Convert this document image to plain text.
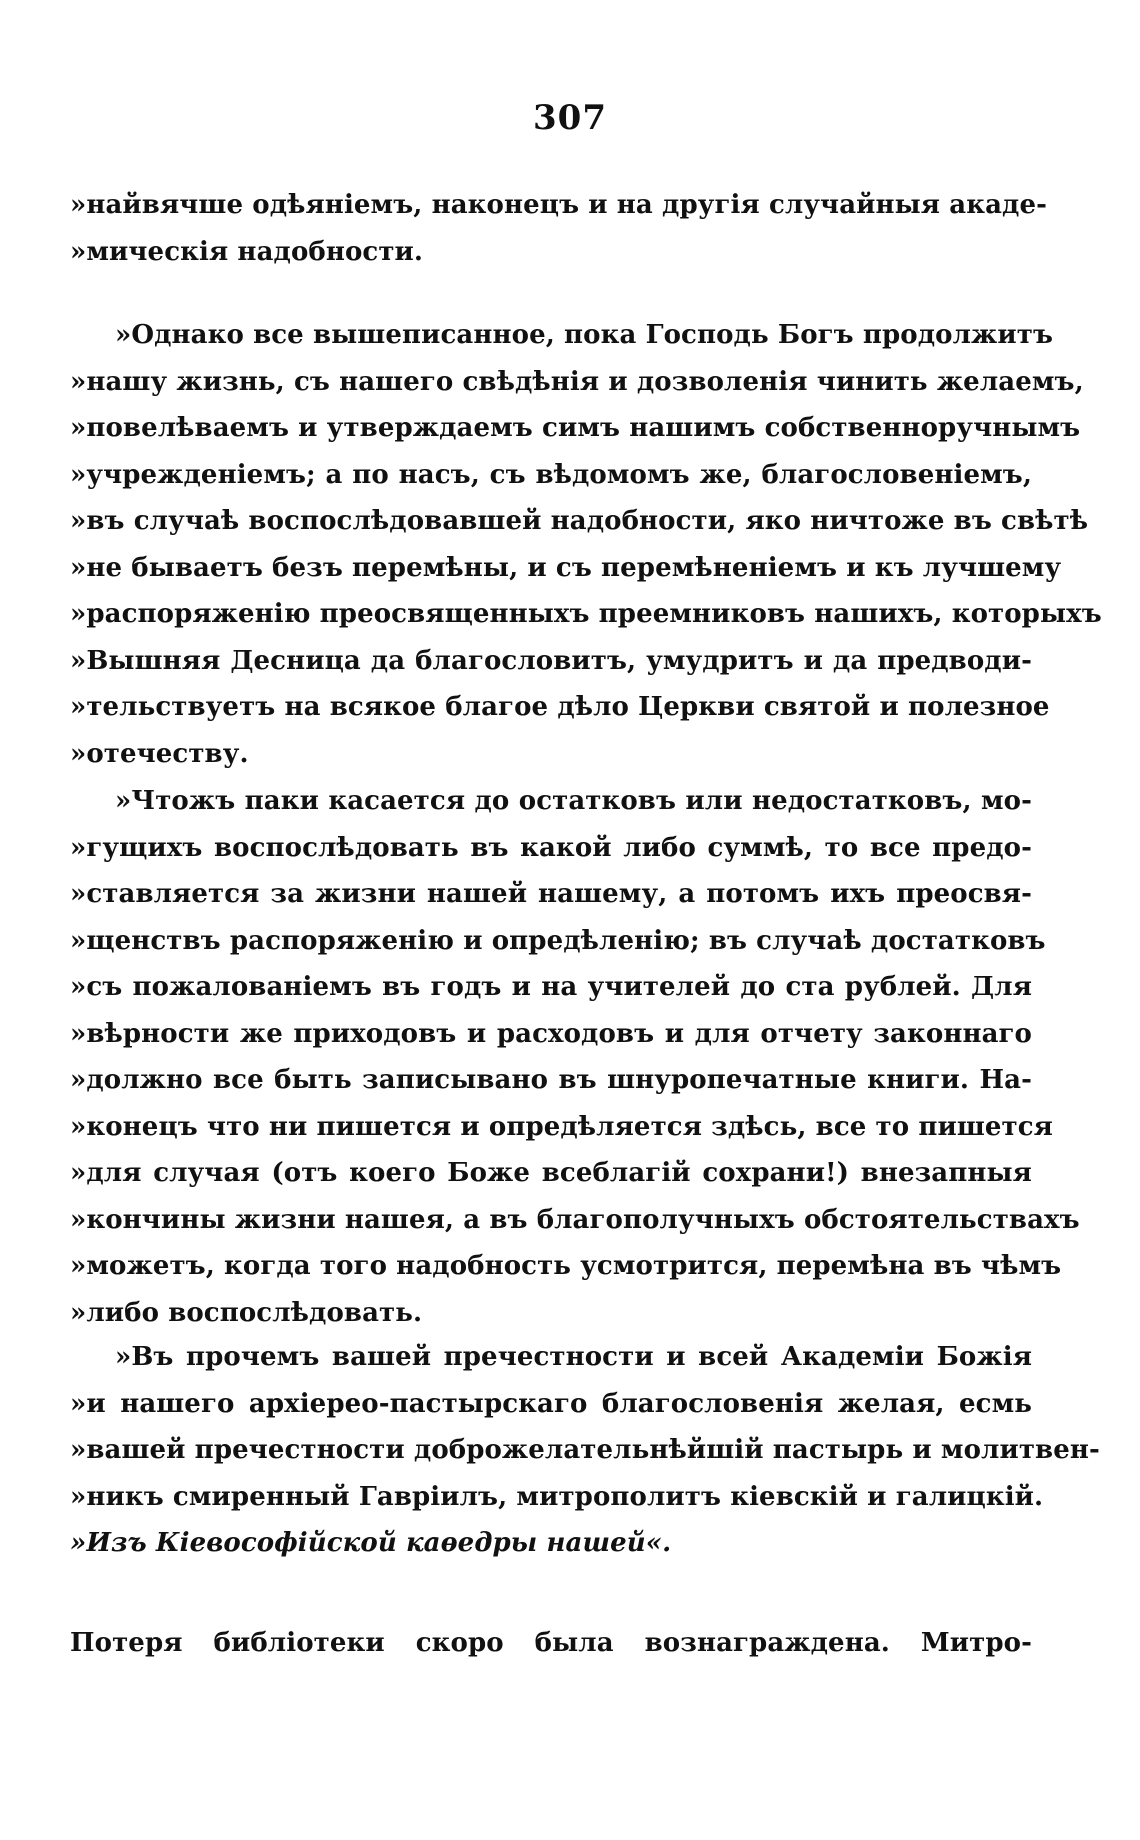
307
»найвячше одѣяніемъ, наконецъ и на другія случайныя акаде-
»мическія надобности.
»Однако все вышеписанное, пока Господь Богъ продолжитъ
»нашу жизнь, съ нашего свѣдѣнія и дозволенія чинить желаемъ,
»повелѣваемъ и утверждаемъ симъ нашимъ собственноручнымъ
»учрежденіемъ; а по насъ, съ вѣдомомъ же, благословеніемъ,
»въ случаѣ воспослѣдовавшей надобности, яко ничтоже въ свѣтѣ
»не бываетъ безъ перемѣны, и съ перемѣненіемъ и къ лучшему
»распоряженію преосвященныхъ преемниковъ нашихъ, которыхъ
»Вышняя Десница да благословитъ, умудритъ и да предводи-
»тельствуетъ на всякое благое дѣло Церкви святой и полезное
»отечеству.
»Чтожъ паки касается до остатковъ или недостатковъ, мо-
»гущихъ воспослѣдовать въ какой либо суммѣ, то все предо-
»ставляется за жизни нашей нашему, а потомъ ихъ преосвя-
»щенствъ распоряженію и опредѣленію; въ случаѣ достатковъ
»съ пожалованіемъ въ годъ и на учителей до ста рублей. Для
»вѣрности же приходовъ и расходовъ и для отчету законнаго
»должно все быть записывано въ шнуропечатные книги. На-
»конецъ что ни пишется и опредѣляется здѣсь, все то пишется
»для случая (отъ коего Боже всеблагій сохрани!) внезапныя
»кончины жизни нашея, а въ благополучныхъ обстоятельствахъ
»можетъ, когда того надобность усмотрится, перемѣна въ чѣмъ
»либо воспослѣдовать.
»Въ прочемъ вашей пречестности и всей Академіи Божія
»и нашего архіерео-пастырскаго благословенія желая, есмь
»вашей пречестности доброжелательнѣйшій пастырь и молитвен-
»никъ смиренный Гавріилъ, митрополитъ кіевскій и галицкій.
»Изъ Кіевософійской каѳедры нашей«.
Потеря библіотеки скоро была вознаграждена. Митро-
